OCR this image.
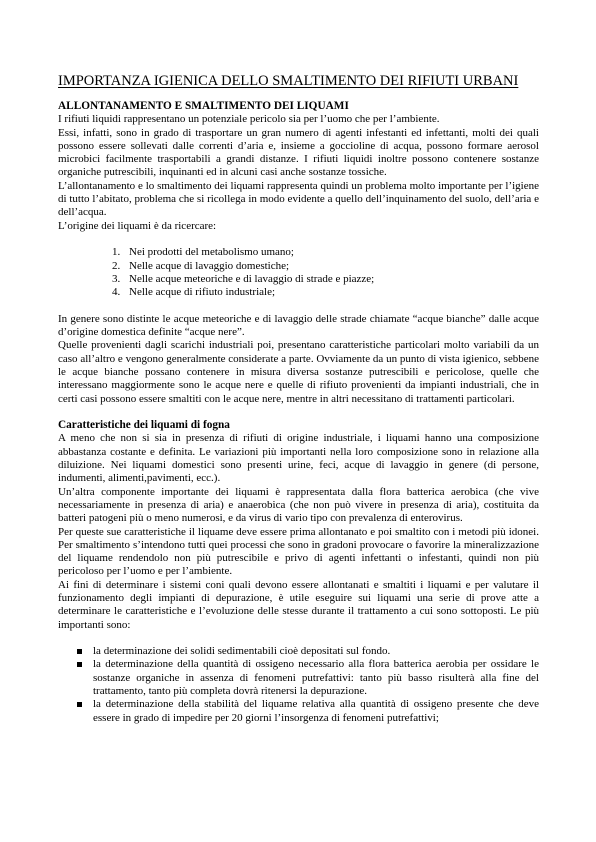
IMPORTANZA IGIENICA DELLO SMALTIMENTO DEI RIFIUTI URBANI
ALLONTANAMENTO E SMALTIMENTO DEI LIQUAMI

I rifiuti liquidi rappresentano un potenziale pericolo sia per l’uomo che per l’ambiente.

Essi, infatti, sono in grado di trasportare un gran numero di agenti infestanti ed infettanti, molti dei quali possono essere sollevati dalle correnti d’aria e, insieme a goccioline di acqua, possono formare aerosol microbici facilmente trasportabili a grandi distanze. I rifiuti liquidi inoltre possono contenere sostanze organiche putrescibili, inquinanti ed in alcuni casi anche sostanze tossiche.

L’allontanamento e lo smaltimento dei liquami rappresenta quindi un problema molto importante per l’igiene di tutto l’abitato, problema che si ricollega in modo evidente a quello dell’inquinamento del suolo, dell’aria e dell’acqua.

L’origine dei liquami è da ricercare:

1. Nei prodotti del metabolismo umano;
2. Nelle acque di lavaggio domestiche;
3. Nelle acque meteoriche e di lavaggio di strade e piazze;
4. Nelle acque di rifiuto industriale;

In genere sono distinte le acque meteoriche e di lavaggio delle strade chiamate “acque bianche” dalle acque d’origine domestica definite “acque nere”.

Quelle provenienti dagli scarichi industriali poi, presentano caratteristiche particolari molto variabili da un caso all’altro e vengono generalmente considerate a parte. Ovviamente da un punto di vista igienico, sebbene le acque bianche possano contenere in misura diversa sostanze putrescibili e pericolose, quelle che interessano maggiormente sono le acque nere e quelle di rifiuto provenienti da impianti industriali, che in certi casi possono essere smaltiti con le acque nere, mentre in altri necessitano di trattamenti particolari.

Caratteristiche dei liquami di fogna

A meno che non si sia in presenza di rifiuti di origine industriale, i liquami hanno una composizione abbastanza costante e definita. Le variazioni più importanti nella loro composizione sono in relazione alla diluizione. Nei liquami domestici sono presenti urine, feci, acque di lavaggio in genere (di persone, indumenti, alimenti,pavimenti, ecc.).

Un’altra componente importante dei liquami è rappresentata dalla flora batterica aerobica (che vive necessariamente in presenza di aria) e anaerobica (che non può vivere in presenza di aria), costituita da batteri patogeni più o meno numerosi, e da virus di vario tipo con prevalenza di enterovirus.

Per queste sue caratteristiche il liquame deve essere prima allontanato e poi smaltito con i metodi più idonei. Per smaltimento s’intendono tutti quei processi che sono in gradoni provocare o favorire la mineralizzazione del liquame rendendolo non più putrescibile e privo di agenti infettanti o infestanti, quindi non più pericoloso per l’uomo e per l’ambiente.

Ai fini di determinare i sistemi coni quali devono essere allontanati e smaltiti i liquami e per valutare il funzionamento degli impianti di depurazione, è utile eseguire sui liquami una serie di prove atte a determinare le caratteristiche e l’evoluzione delle stesse durante il trattamento a cui sono sottoposti. Le più importanti sono:

la determinazione dei solidi sedimentabili cioè depositati sul fondo.
la determinazione della quantità di ossigeno necessario alla flora batterica aerobia per ossidare le sostanze organiche in assenza di fenomeni putrefattivi: tanto più basso risulterà alla fine del trattamento, tanto più completa dovrà ritenersi la depurazione.
la determinazione della stabilità del liquame relativa alla quantità di ossigeno presente che deve essere in grado di impedire per 20 giorni l’insorgenza di fenomeni putrefattivi;
